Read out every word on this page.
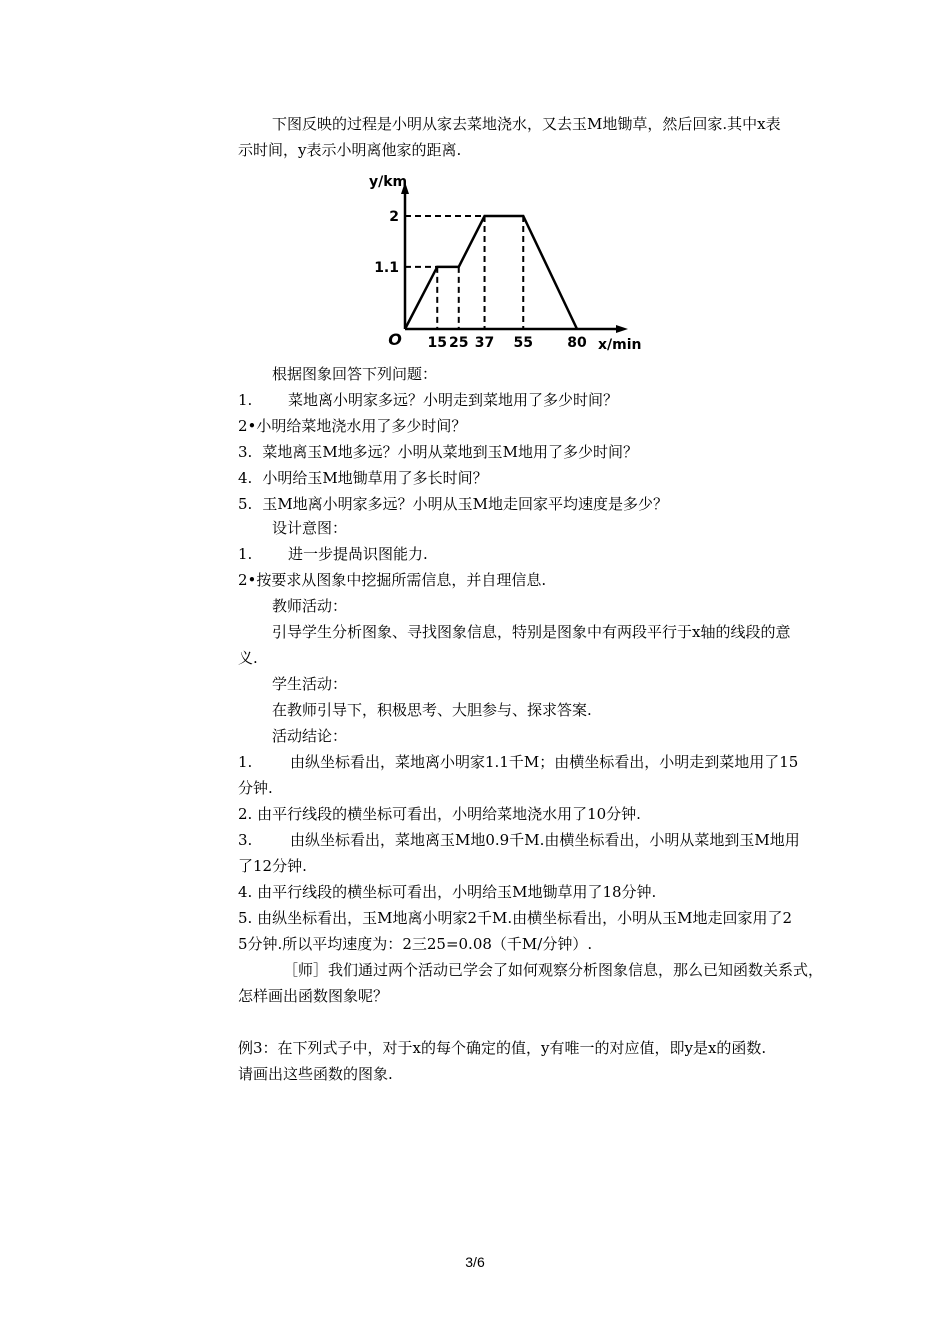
下图反映的过程是小明从家去菜地浇水，又去玉M地锄草，然后回家.其中x表
示时间，y表示小明离他家的距离.
15 25 37 55 80
1.1
2
O	x/min
y/km
根据图象回答下列问题：
1. 菜地离小明家多远？小明走到菜地用了多少时间？
2•小明给菜地浇水用了多少时间？
3. 菜地离玉M地多远？小明从菜地到玉M地用了多少时间？
4. 小明给玉M地锄草用了多长时间？
5. 玉M地离小明家多远？小明从玉M地走回家平均速度是多少？
设计意图：
1. 进一步提咼识图能力.
2•按要求从图象中挖掘所需信息，并自理信息.
教师活动：
引导学生分析图象、寻找图象信息，特别是图象中有两段平行于x轴的线段的意
义.
学生活动：
在教师引导下，积极思考、大胆参与、探求答案.
活动结论：
1.	由纵坐标看出，菜地离小明家1.1千M；由横坐标看出，小明走到菜地用了15
分钟.
2. 由平行线段的横坐标可看出，小明给菜地浇水用了10分钟.
3.	由纵坐标看出，菜地离玉M地0.9千M.由横坐标看出，小明从菜地到玉M地用
了12分钟.
4. 由平行线段的横坐标可看出，小明给玉M地锄草用了18分钟.
5. 由纵坐标看出，玉M地离小明家2千M.由横坐标看出，小明从玉M地走回家用了2
5分钟.所以平均速度为：2三25=0.08（千M/分钟）.
［师］我们通过两个活动已学会了如何观察分析图象信息，那么已知函数关系式，
怎样画出函数图象呢？
例3：在下列式子中，对于x的每个确定的值，y有唯一的对应值，即y是x的函数.
请画出这些函数的图象.
3/6
